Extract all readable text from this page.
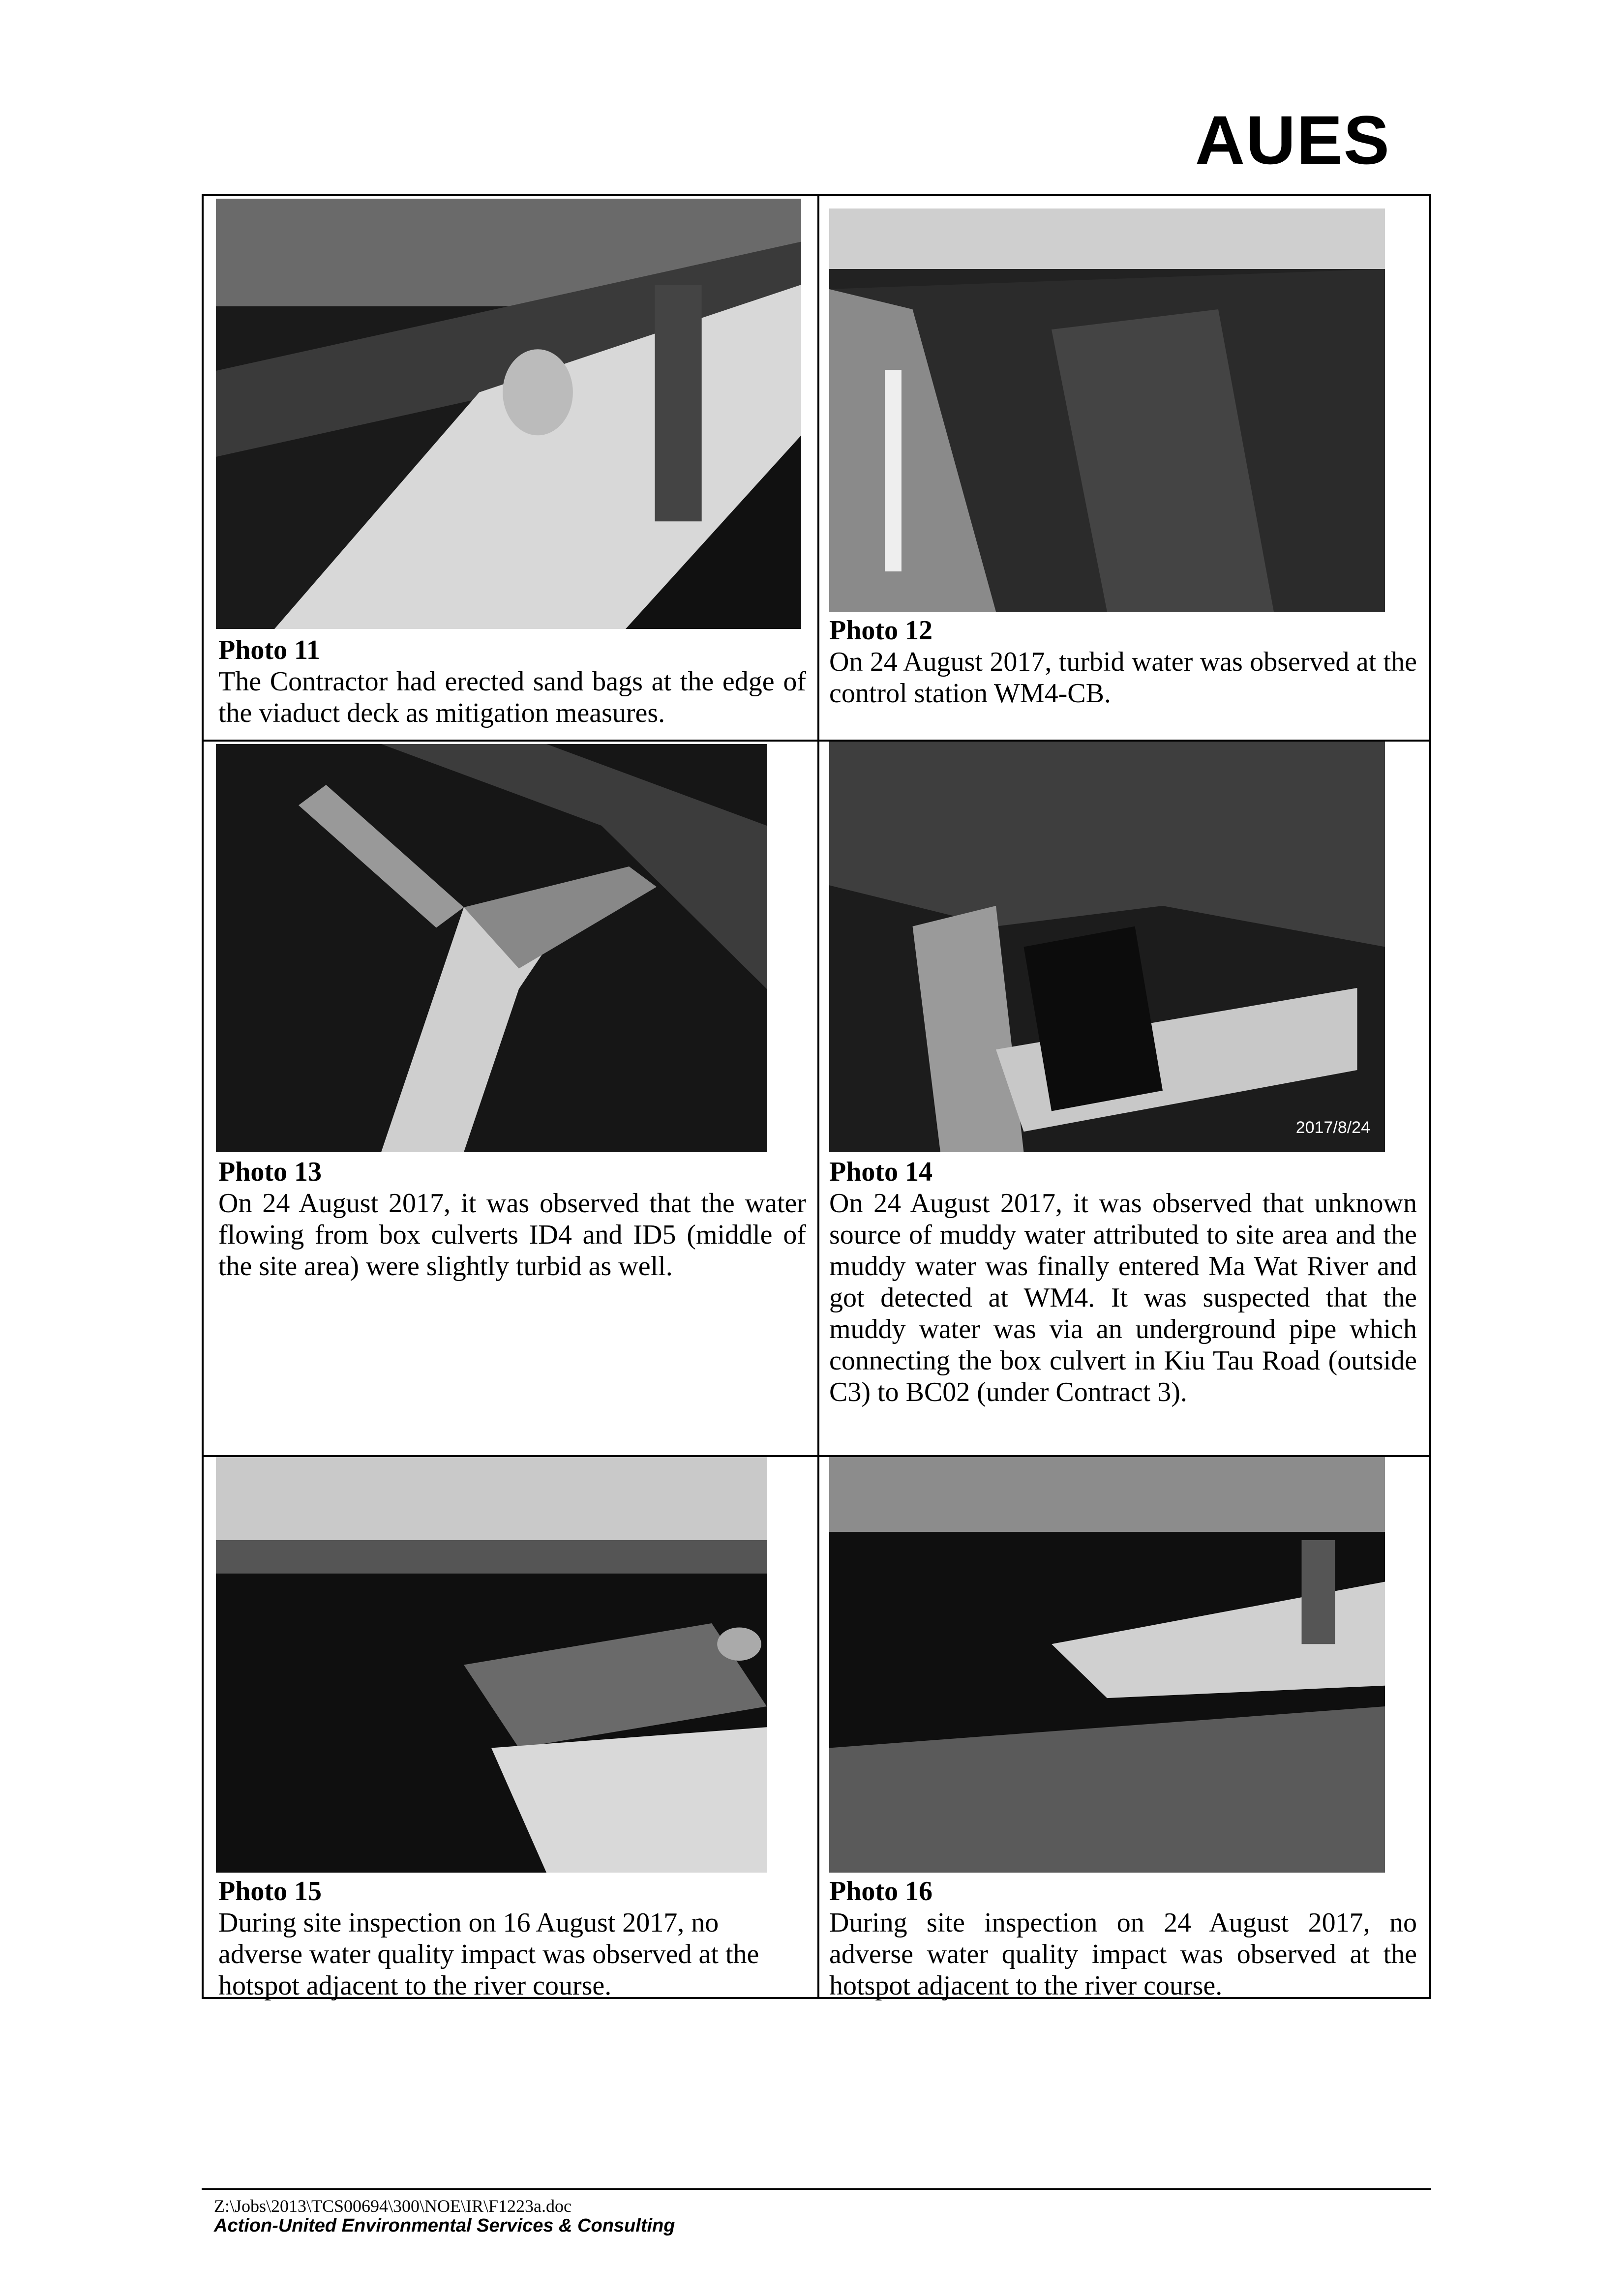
AUES
Photo 11
The Contractor had erected sand bags at the edge of the viaduct deck as mitigation measures.
Photo 12
On 24 August 2017, turbid water was observed at the control station WM4-CB.
Photo 13
On 24 August 2017, it was observed that the water flowing from box culverts ID4 and ID5 (middle of the site area) were slightly turbid as well.
2017/8/24
Photo 14
On 24 August 2017, it was observed that unknown source of muddy water attributed to site area and the muddy water was finally entered Ma Wat River and got detected at WM4. It was suspected that the muddy water was via an underground pipe which connecting the box culvert in Kiu Tau Road (outside C3) to BC02 (under Contract 3).
Photo 15
During site inspection on 16 August 2017, no adverse water quality impact was observed at the hotspot adjacent to the river course.
Photo 16
During site inspection on 24 August 2017, no adverse water quality impact was observed at the hotspot adjacent to the river course.
Z:\Jobs\2013\TCS00694\300\NOE\IR\F1223a.doc
Action-United Environmental Services & Consulting
